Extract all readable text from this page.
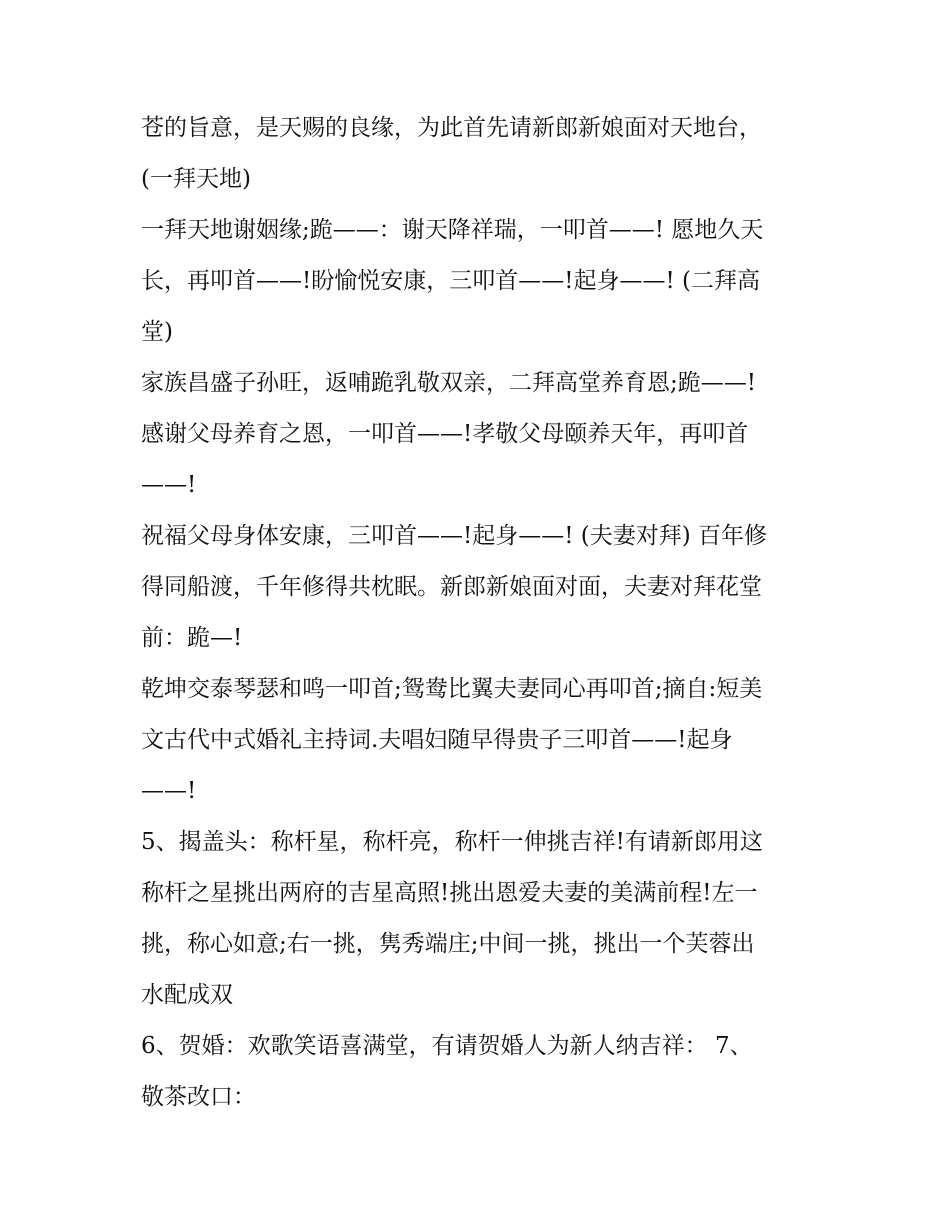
苍的旨意，是天赐的良缘，为此首先请新郎新娘面对天地台，
(一拜天地)
一拜天地谢姻缘;跪——：谢天降祥瑞，一叩首——! 愿地久天
长，再叩首——!盼愉悦安康，三叩首——!起身——! (二拜高
堂)
家族昌盛子孙旺，返哺跪乳敬双亲，二拜高堂养育恩;跪——!
感谢父母养育之恩，一叩首——!孝敬父母颐养天年，再叩首
——!
祝福父母身体安康，三叩首——!起身——! (夫妻对拜) 百年修
得同船渡，千年修得共枕眠。新郎新娘面对面，夫妻对拜花堂
前：跪—!
乾坤交泰琴瑟和鸣一叩首;鸳鸯比翼夫妻同心再叩首;摘自:短美
文古代中式婚礼主持词.夫唱妇随早得贵子三叩首——!起身
——!
5、揭盖头：称杆星，称杆亮，称杆一伸挑吉祥!有请新郎用这
称杆之星挑出两府的吉星高照!挑出恩爱夫妻的美满前程!左一
挑，称心如意;右一挑，隽秀端庄;中间一挑，挑出一个芙蓉出
水配成双
6、贺婚：欢歌笑语喜满堂，有请贺婚人为新人纳吉祥： 7、
敬茶改口：
